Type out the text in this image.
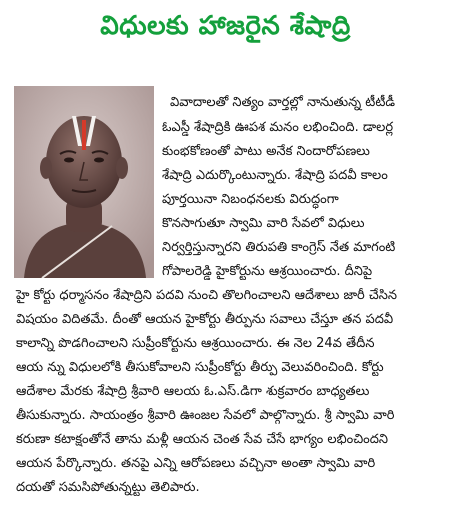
విధులకు హాజరైన శేషాద్రి
వివాదాలతో నిత్యం వార్తల్లో నానుతున్న టీటీడీ
ఓఎస్డీ శేషాద్రికి ఊపశ మనం లభించింది. డాలర్ల
కుంభకోణంతో పాటు అనేక నిందారోపణలు
శేషాద్రి ఎదుర్కొంటున్నారు. శేషాద్రి పదవీ కాలం
పూర్తయినా నిబంధనలకు విరుద్ధంగా
కొనసాగుతూ స్వామి వారి సేవలో విధులు
నిర్వర్తిస్తున్నారని తిరుపతి కాంగ్రెస్ నేత మాగంటి
గోపాలరెడ్డి హైకోర్టును ఆశ్రయించారు. దీనిపై
హై కోర్టు ధర్మాసనం శేషాద్రిని పదవి నుంచి తొలగించాలని ఆదేశాలు జారీ చేసిన
విషయం విదితమే. దీంతో ఆయన హైకోర్టు తీర్పును సవాలు చేస్తూ తన పదవీ
కాలాన్ని పొడగించాలని సుప్రీంకోర్టును ఆశ్రయించారు. ఈ నెల 24వ తేదీన
ఆయ న్ను విధులలోకి తీసుకోవాలని సుప్రీంకోర్టు తీర్పు వెలువరించింది. కోర్టు
ఆదేశాల మేరకు శేషాద్రి శ్రీవారి ఆలయ ఓ.ఎస్.డిగా శుక్రవారం బాధ్యతలు
తీసుకున్నారు. సాయంత్రం శ్రీవారి ఊంజల సేవలో పాల్గొన్నారు. శ్రీ స్వామి వారి
కరుణా కటాక్షంతోనే తాను మళ్లీ ఆయన చెంత సేవ చేసే భాగ్యం లభించిందని
ఆయన పేర్కొన్నారు. తనపై ఎన్ని ఆరోపణలు వచ్చినా అంతా స్వామి వారి
దయతో సమసిపోతున్నట్టు తెలిపారు.
